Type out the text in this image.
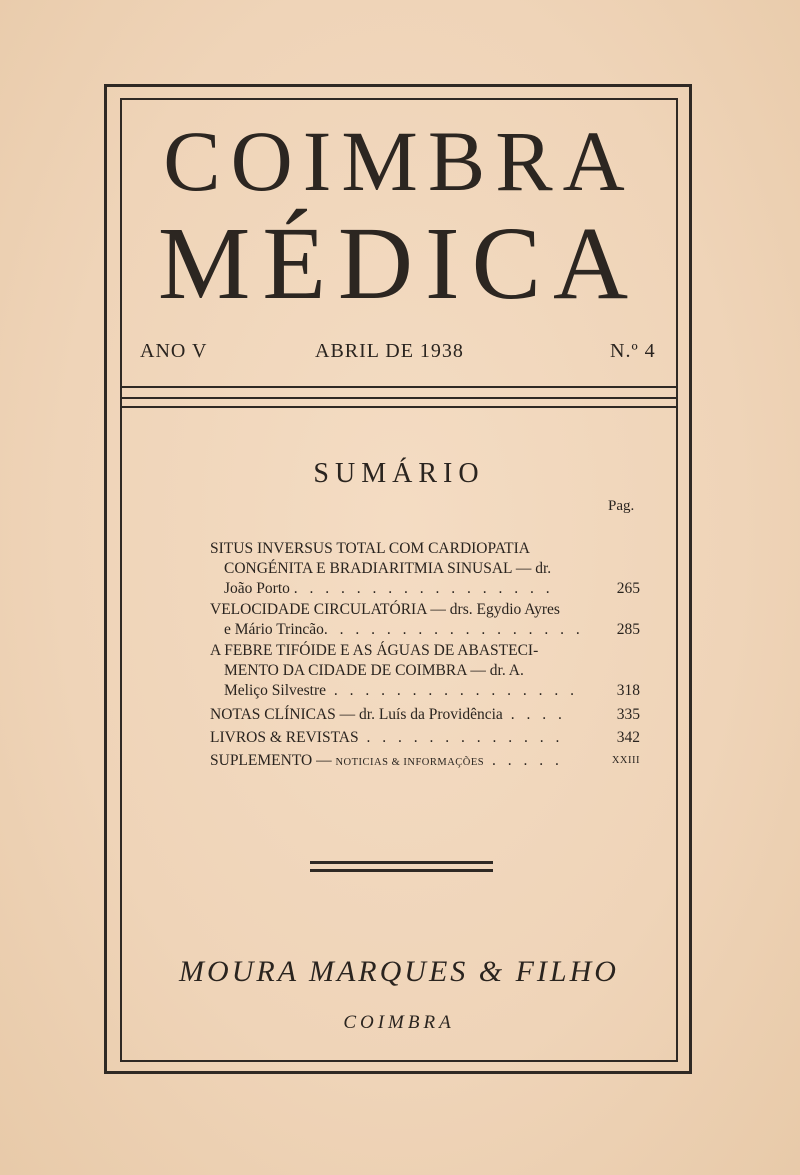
COIMBRA
MÉDICA
ANO V	ABRIL DE 1938	N.º 4
SUMÁRIO
Pag.
SITUS INVERSUS TOTAL COM CARDIOPATIA
CONGÉNITA E BRADIARITMIA SINUSAL — dr.
João Porto . . . . . . . . . . . . . . . . .	265
VELOCIDADE CIRCULATÓRIA — drs. Egydio Ayres
e Mário Trincão. . . . . . . . . . . . . . . . . 285
A FEBRE TIFÓIDE E AS ÁGUAS DE ABASTECI-
MENTO DA CIDADE DE COIMBRA — dr. A.
Meliço Silvestre . . . . . . . . . . . . . . . . 318
NOTAS CLÍNICAS — dr. Luís da Providência . . . .	335
LIVROS & REVISTAS . . . . . . . . . . . . .	342
SUPLEMENTO — NOTICIAS & INFORMAÇÕES . . . . .	XXIII
MOURA MARQUES & FILHO
COIMBRA
